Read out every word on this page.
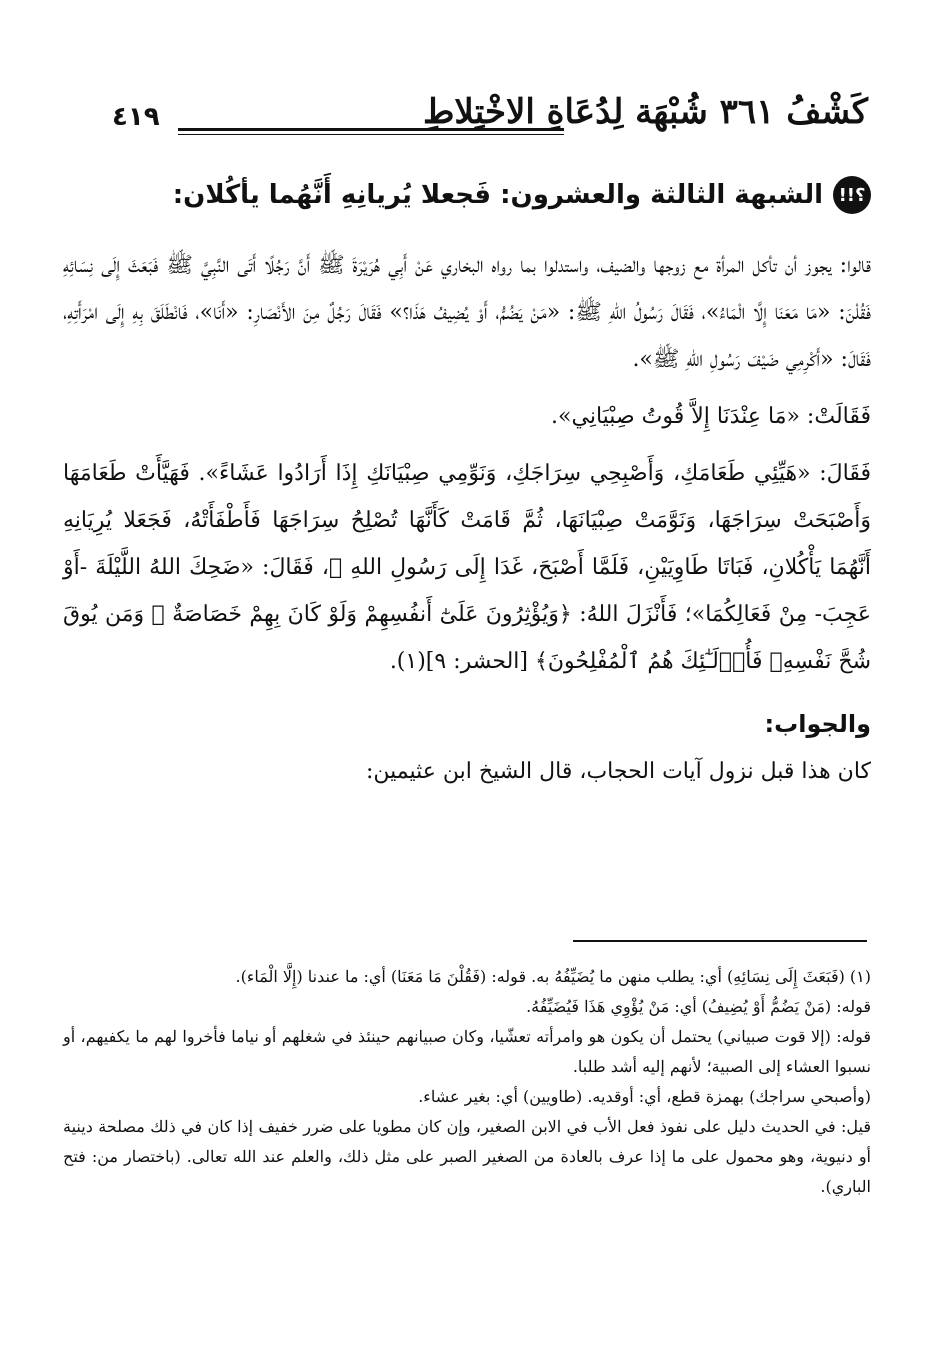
كَشْفُ ٣٦١ شُبْهَة لِدُعَاةِ الاخْتِلاطِ
٤١٩
؟!!
الشبهة الثالثة والعشرون: فَجعلا يُريانِهِ أَنَّهُما يأكُلان:

قالوا: يجوز أن تأكل المرأة مع زوجها والضيف، واستدلوا بما رواه البخاري عَنْ أَبِي هُرَيْرَةَ ﷺ أَنَّ رَجُلًا أَتَى النَّبِيَّ ﷺ فَبَعَثَ إِلَى نِسَائِهِ فَقُلْنَ: «مَا مَعَنَا إِلَّا الْمَاءُ»، فَقَالَ رَسُولُ اللهِ ﷺ: «مَنْ يَضُمُّ، أَوْ يُضِيفُ هَذَا؟» فَقَالَ رَجُلٌ مِنَ الأَنْصَارِ: «أَنَا»، فَانْطَلَقَ بِهِ إِلَى امْرَأَتِهِ، فَقَالَ: «أَكْرِمِي ضَيْفَ رَسُولِ اللهِ ﷺ».

فَقَالَتْ: «مَا عِنْدَنَا إِلاَّ قُوتُ صِبْيَانِي».

فَقَالَ: «هَيِّئِي طَعَامَكِ، وَأَصْبِحِي سِرَاجَكِ، وَنَوِّمِي صِبْيَانَكِ إِذَا أَرَادُوا عَشَاءً». فَهَيَّأَتْ طَعَامَهَا وَأَصْبَحَتْ سِرَاجَهَا، وَنَوَّمَتْ صِبْيَانَهَا، ثُمَّ قَامَتْ كَأَنَّهَا تُصْلِحُ سِرَاجَهَا فَأَطْفَأَتْهُ، فَجَعَلا يُرِيَانِهِ أَنَّهُمَا يَأْكُلانِ، فَبَاتَا طَاوِيَيْنِ، فَلَمَّا أَصْبَحَ، غَدَا إِلَى رَسُولِ اللهِ ﷺ، فَقَالَ: «ضَحِكَ اللهُ اللَّيْلَةَ -أَوْ عَجِبَ- مِنْ فَعَالِكُمَا»؛ فَأَنْزَلَ اللهُ: ﴿وَيُؤْثِرُونَ عَلَىٰٓ أَنفُسِهِمْ وَلَوْ كَانَ بِهِمْ خَصَاصَةٌ ۚ وَمَن يُوقَ شُحَّ نَفْسِهِۦ فَأُو۟لَـٰٓئِكَ هُمُ ٱلْمُفْلِحُونَ﴾ [الحشر: ٩](١).

والجواب:

كان هذا قبل نزول آيات الحجاب، قال الشيخ ابن عثيمين:

(١) (فَبَعَثَ إِلَى نِسَائِهِ) أي: يطلب منهن ما يُضَيِّفُهُ به. قوله: (فَقُلْنَ مَا مَعَنَا) أي: ما عندنا (إِلَّا الْمَاء).

قوله: (مَنْ يَضُمُّ أَوْ يُضِيفُ) أي: مَنْ يُؤْوِي هَذَا فَيُضَيِّفُهُ.

قوله: (إلا قوت صبياني) يحتمل أن يكون هو وامرأته تعشّيا، وكان صبيانهم حينئذ في شغلهم أو نياما فأخروا لهم ما يكفيهم، أو نسبوا العشاء إلى الصبية؛ لأنهم إليه أشد طلبا.

(وأصبحي سراجك) بهمزة قطع، أي: أوقديه. (طاويين) أي: بغير عشاء.

قيل: في الحديث دليل على نفوذ فعل الأب في الابن الصغير، وإن كان مطويا على ضرر خفيف إذا كان في ذلك مصلحة دينية أو دنيوية، وهو محمول على ما إذا عرف بالعادة من الصغير الصبر على مثل ذلك، والعلم عند الله تعالى. (باختصار من: فتح الباري).
